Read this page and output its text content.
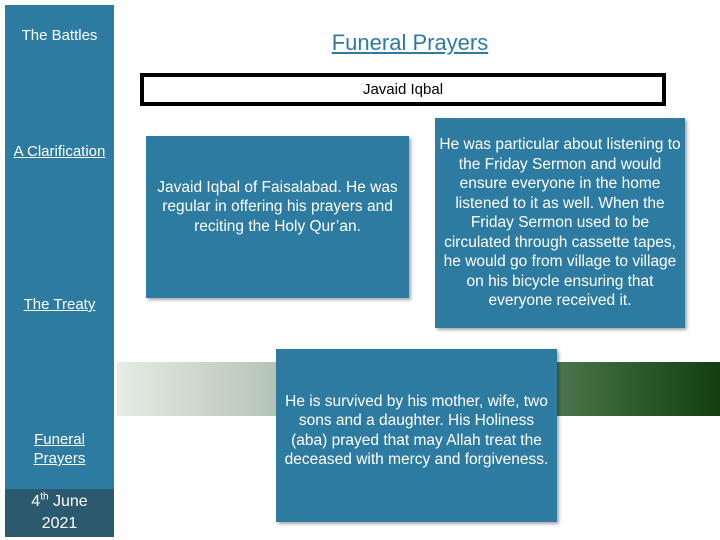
The Battles
A Clarification
The Treaty
Funeral Prayers
4th June
2021
Funeral Prayers
Javaid Iqbal
Javaid Iqbal of Faisalabad. He was regular in offering his prayers and reciting the Holy Qur’an.
He was particular about listening to the Friday Sermon and would ensure everyone in the home listened to it as well. When the Friday Sermon used to be circulated through cassette tapes, he would go from village to village on his bicycle ensuring that everyone received it.
He is survived by his mother, wife, two sons and a daughter. His Holiness (aba) prayed that may Allah treat the deceased with mercy and forgiveness.
